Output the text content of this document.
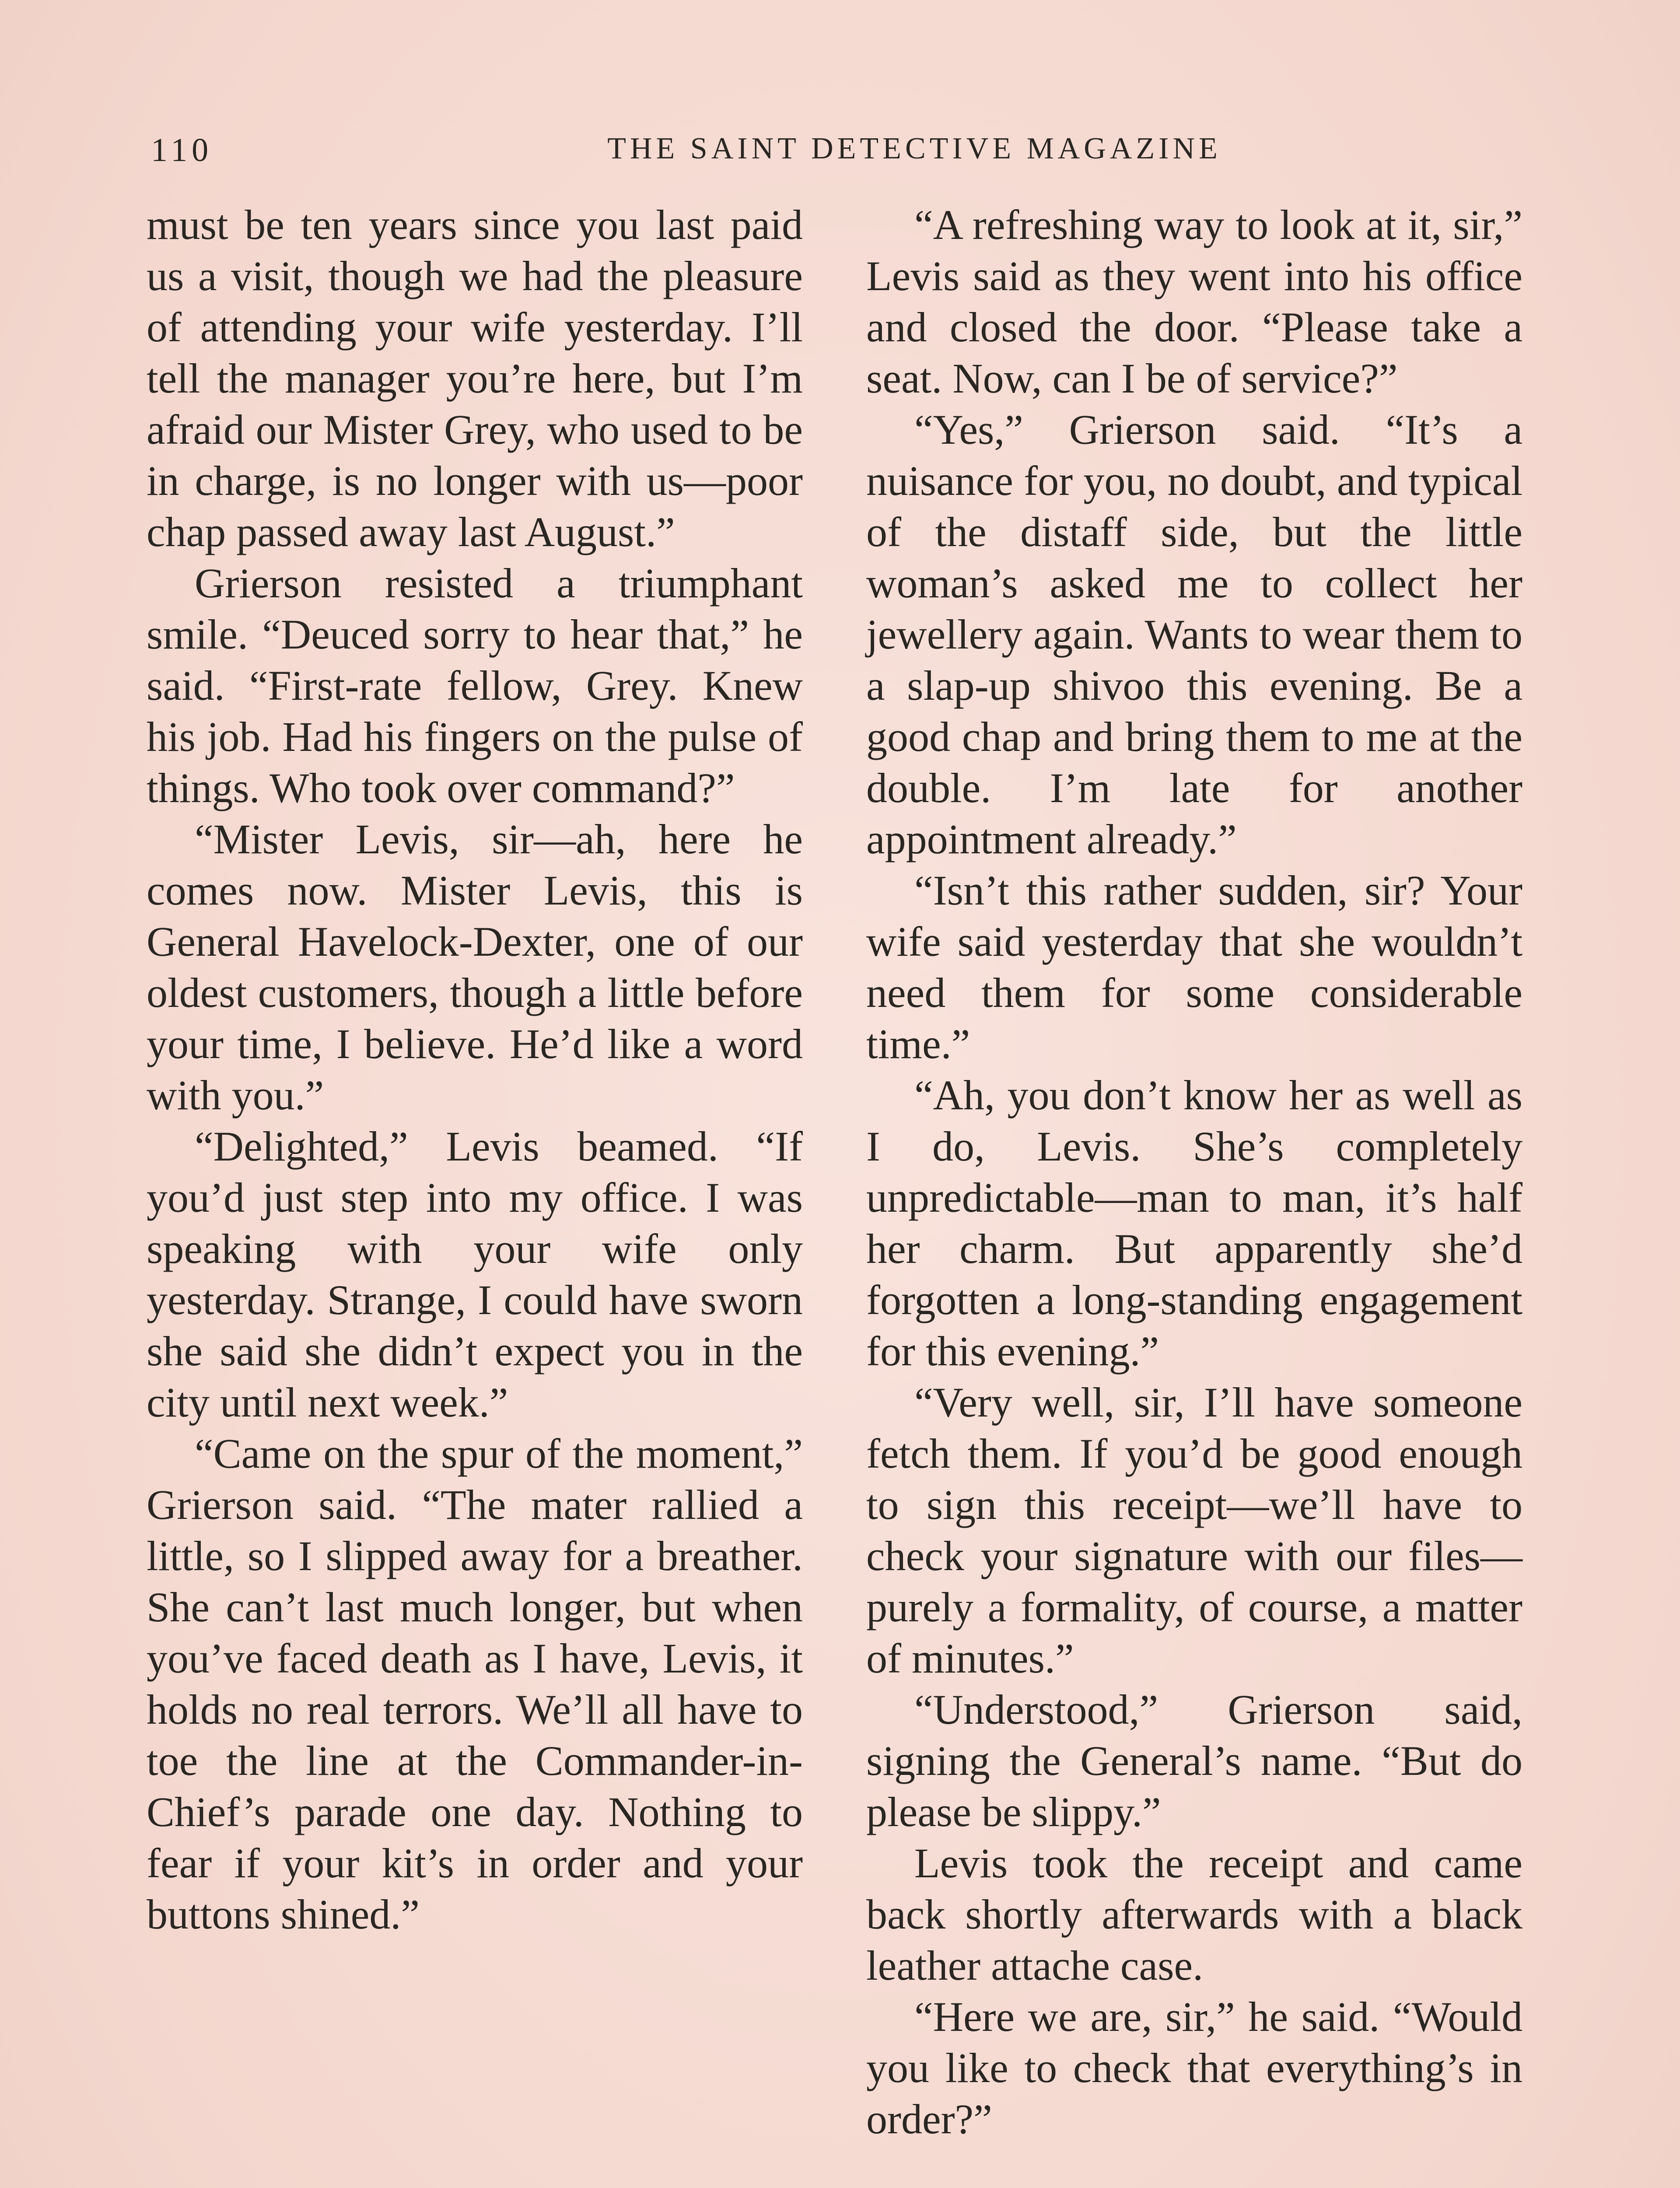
110	THE SAINT DETECTIVE MAGAZINE

must be ten years since you last paid us a visit, though we had the pleasure of attending your wife yesterday. I’ll tell the manager you’re here, but I’m afraid our Mister Grey, who used to be in charge, is no longer with us—poor chap passed away last August.”

Grierson resisted a triumphant smile. “Deuced sorry to hear that,” he said. “First-rate fellow, Grey. Knew his job. Had his fingers on the pulse of things. Who took over command?”

“Mister Levis, sir—ah, here he comes now. Mister Levis, this is General Havelock-Dexter, one of our oldest customers, though a little before your time, I believe. He’d like a word with you.”

“Delighted,” Levis beamed. “If you’d just step into my office. I was speaking with your wife only yesterday. Strange, I could have sworn she said she didn’t expect you in the city until next week.”

“Came on the spur of the moment,” Grierson said. “The mater rallied a little, so I slipped away for a breather. She can’t last much longer, but when you’ve faced death as I have, Levis, it holds no real terrors. We’ll all have to toe the line at the Commander-in-Chief’s parade one day. Nothing to fear if your kit’s in order and your buttons shined.”

“A refreshing way to look at it, sir,” Levis said as they went into his office and closed the door. “Please take a seat. Now, can I be of service?”

“Yes,” Grierson said. “It’s a nuisance for you, no doubt, and typical of the distaff side, but the little woman’s asked me to collect her jewellery again. Wants to wear them to a slap-up shivoo this evening. Be a good chap and bring them to me at the double. I’m late for another appointment already.”

“Isn’t this rather sudden, sir? Your wife said yesterday that she wouldn’t need them for some considerable time.”

“Ah, you don’t know her as well as I do, Levis. She’s completely unpredictable—man to man, it’s half her charm. But apparently she’d forgotten a long-standing engagement for this evening.”

“Very well, sir, I’ll have someone fetch them. If you’d be good enough to sign this receipt—we’ll have to check your signature with our files—purely a formality, of course, a matter of minutes.”

“Understood,” Grierson said, signing the General’s name. “But do please be slippy.”

Levis took the receipt and came back shortly afterwards with a black leather attache case.

“Here we are, sir,” he said. “Would you like to check that everything’s in order?”
